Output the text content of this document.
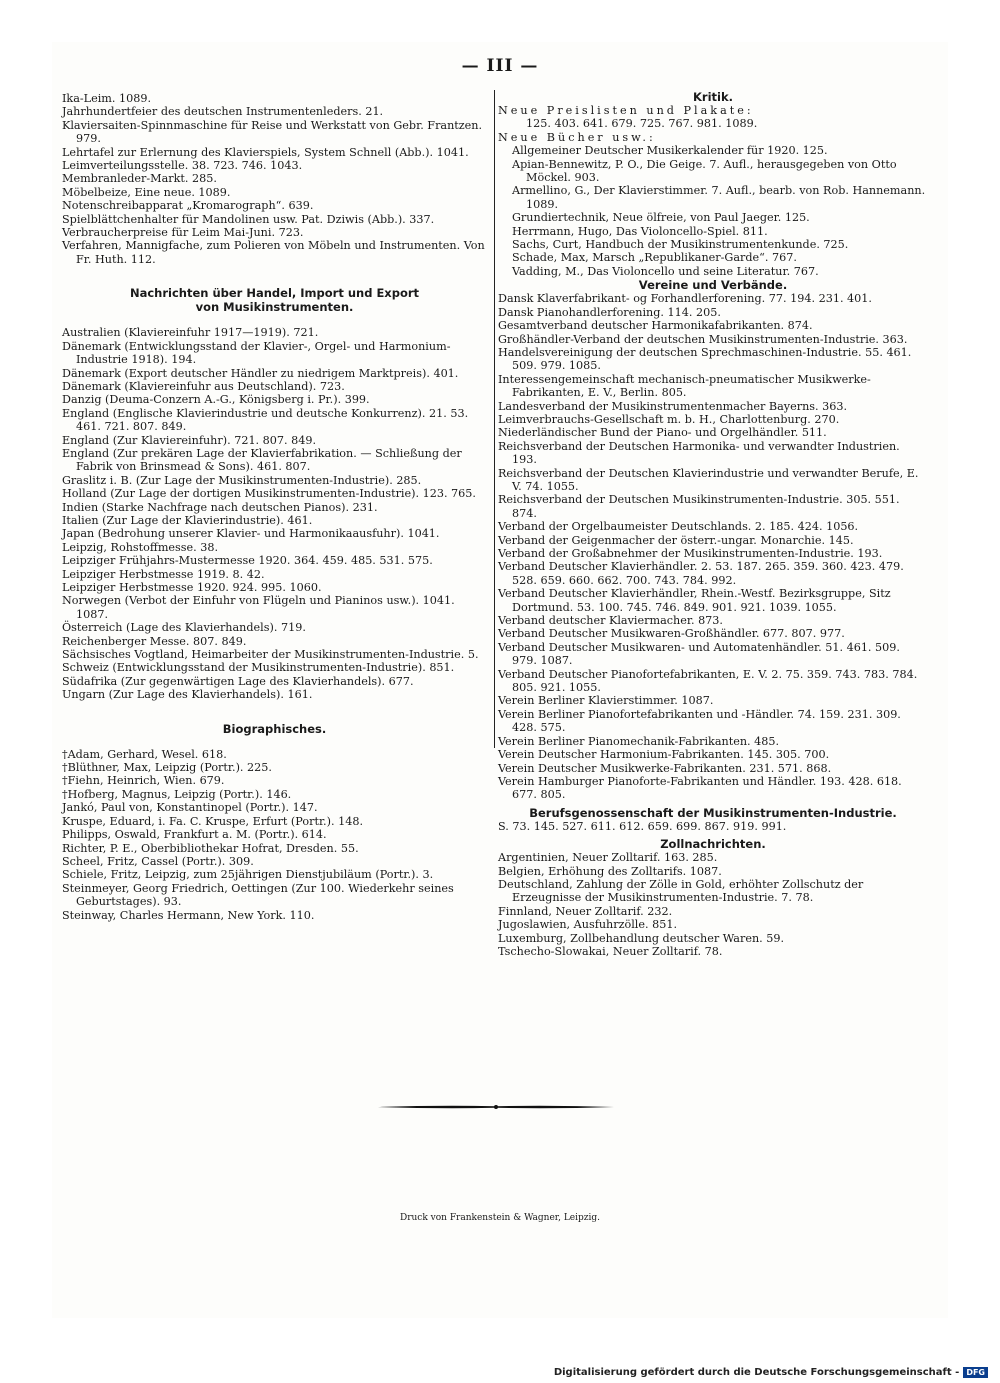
— III —

Ika-Leim. 1089.

Jahrhundertfeier des deutschen Instrumentenleders. 21.

Klaviersaiten-Spinnmaschine für Reise und Werkstatt von Gebr. Frantzen. 979.

Lehrtafel zur Erlernung des Klavierspiels, System Schnell (Abb.). 1041.

Leimverteilungsstelle. 38. 723. 746. 1043.

Membranleder-Markt. 285.

Möbelbeize, Eine neue. 1089.

Notenschreibapparat „Kromarograph“. 639.

Spielblättchenhalter für Mandolinen usw. Pat. Dziwis (Abb.). 337.

Verbraucherpreise für Leim Mai-Juni. 723.

Verfahren, Mannigfache, zum Polieren von Möbeln und Instrumenten. Von Fr. Huth. 112.

Nachrichten über Handel, Import und Export

von Musikinstrumenten.

Australien (Klaviereinfuhr 1917—1919). 721.

Dänemark (Entwicklungsstand der Klavier-, Orgel- und Harmonium-Industrie 1918). 194.

Dänemark (Export deutscher Händler zu niedrigem Marktpreis). 401.

Dänemark (Klaviereinfuhr aus Deutschland). 723.

Danzig (Deuma-Conzern A.-G., Königsberg i. Pr.). 399.

England (Englische Klavierindustrie und deutsche Konkurrenz). 21. 53. 461. 721. 807. 849.

England (Zur Klaviereinfuhr). 721. 807. 849.

England (Zur prekären Lage der Klavierfabrikation. — Schließung der Fabrik von Brinsmead & Sons). 461. 807.

Graslitz i. B. (Zur Lage der Musikinstrumenten-Industrie). 285.

Holland (Zur Lage der dortigen Musikinstrumenten-Industrie). 123. 765.

Indien (Starke Nachfrage nach deutschen Pianos). 231.

Italien (Zur Lage der Klavierindustrie). 461.

Japan (Bedrohung unserer Klavier- und Harmonikaausfuhr). 1041.

Leipzig, Rohstoffmesse. 38.

Leipziger Frühjahrs-Mustermesse 1920. 364. 459. 485. 531. 575.

Leipziger Herbstmesse 1919. 8. 42.

Leipziger Herbstmesse 1920. 924. 995. 1060.

Norwegen (Verbot der Einfuhr von Flügeln und Pianinos usw.). 1041. 1087.

Österreich (Lage des Klavierhandels). 719.

Reichenberger Messe. 807. 849.

Sächsisches Vogtland, Heimarbeiter der Musikinstrumenten-Industrie. 5.

Schweiz (Entwicklungsstand der Musikinstrumenten-Industrie). 851.

Südafrika (Zur gegenwärtigen Lage des Klavierhandels). 677.

Ungarn (Zur Lage des Klavierhandels). 161.

Biographisches.

†Adam, Gerhard, Wesel. 618.

†Blüthner, Max, Leipzig (Portr.). 225.

†Fiehn, Heinrich, Wien. 679.

†Hofberg, Magnus, Leipzig (Portr.). 146.

Jankó, Paul von, Konstantinopel (Portr.). 147.

Kruspe, Eduard, i. Fa. C. Kruspe, Erfurt (Portr.). 148.

Philipps, Oswald, Frankfurt a. M. (Portr.). 614.

Richter, P. E., Oberbibliothekar Hofrat, Dresden. 55.

Scheel, Fritz, Cassel (Portr.). 309.

Schiele, Fritz, Leipzig, zum 25jährigen Dienstjubiläum (Portr.). 3.

Steinmeyer, Georg Friedrich, Oettingen (Zur 100. Wiederkehr seines Geburtstages). 93.

Steinway, Charles Hermann, New York. 110.

Kritik.

Neue Preislisten und Plakate:

125. 403. 641. 679. 725. 767. 981. 1089.

Neue Bücher usw.:

Allgemeiner Deutscher Musikerkalender für 1920. 125.

Apian-Bennewitz, P. O., Die Geige. 7. Aufl., herausgegeben von Otto Möckel. 903.

Armellino, G., Der Klavierstimmer. 7. Aufl., bearb. von Rob. Hannemann. 1089.

Grundiertechnik, Neue ölfreie, von Paul Jaeger. 125.

Herrmann, Hugo, Das Violoncello-Spiel. 811.

Sachs, Curt, Handbuch der Musikinstrumentenkunde. 725.

Schade, Max, Marsch „Republikaner-Garde“. 767.

Vadding, M., Das Violoncello und seine Literatur. 767.

Vereine und Verbände.

Dansk Klaverfabrikant- og Forhandlerforening. 77. 194. 231. 401.

Dansk Pianohandlerforening. 114. 205.

Gesamtverband deutscher Harmonikafabrikanten. 874.

Großhändler-Verband der deutschen Musikinstrumenten-Industrie. 363.

Handelsvereinigung der deutschen Sprechmaschinen-Industrie. 55. 461. 509. 979. 1085.

Interessengemeinschaft mechanisch-pneumatischer Musikwerke-Fabrikanten, E. V., Berlin. 805.

Landesverband der Musikinstrumentenmacher Bayerns. 363.

Leimverbrauchs-Gesellschaft m. b. H., Charlottenburg. 270.

Niederländischer Bund der Piano- und Orgelhändler. 511.

Reichsverband der Deutschen Harmonika- und verwandter Industrien. 193.

Reichsverband der Deutschen Klavierindustrie und verwandter Berufe, E. V. 74. 1055.

Reichsverband der Deutschen Musikinstrumenten-Industrie. 305. 551. 874.

Verband der Orgelbaumeister Deutschlands. 2. 185. 424. 1056.

Verband der Geigenmacher der österr.-ungar. Monarchie. 145.

Verband der Großabnehmer der Musikinstrumenten-Industrie. 193.

Verband Deutscher Klavierhändler. 2. 53. 187. 265. 359. 360. 423. 479. 528. 659. 660. 662. 700. 743. 784. 992.

Verband Deutscher Klavierhändler, Rhein.-Westf. Bezirksgruppe, Sitz Dortmund. 53. 100. 745. 746. 849. 901. 921. 1039. 1055.

Verband deutscher Klaviermacher. 873.

Verband Deutscher Musikwaren-Großhändler. 677. 807. 977.

Verband Deutscher Musikwaren- und Automatenhändler. 51. 461. 509. 979. 1087.

Verband Deutscher Pianofortefabrikanten, E. V. 2. 75. 359. 743. 783. 784. 805. 921. 1055.

Verein Berliner Klavierstimmer. 1087.

Verein Berliner Pianofortefabrikanten und -Händler. 74. 159. 231. 309. 428. 575.

Verein Berliner Pianomechanik-Fabrikanten. 485.

Verein Deutscher Harmonium-Fabrikanten. 145. 305. 700.

Verein Deutscher Musikwerke-Fabrikanten. 231. 571. 868.

Verein Hamburger Pianoforte-Fabrikanten und Händler. 193. 428. 618. 677. 805.

Berufsgenossenschaft der Musikinstrumenten-Industrie.

S. 73. 145. 527. 611. 612. 659. 699. 867. 919. 991.

Zollnachrichten.

Argentinien, Neuer Zolltarif. 163. 285.

Belgien, Erhöhung des Zolltarifs. 1087.

Deutschland, Zahlung der Zölle in Gold, erhöhter Zollschutz der Erzeugnisse der Musikinstrumenten-Industrie. 7. 78.

Finnland, Neuer Zolltarif. 232.

Jugoslawien, Ausfuhrzölle. 851.

Luxemburg, Zollbehandlung deutscher Waren. 59.

Tschecho-Slowakai, Neuer Zolltarif. 78.

Druck von Frankenstein & Wagner, Leipzig.
Digitalisierung gefördert durch die Deutsche Forschungsgemeinschaft - DFG
